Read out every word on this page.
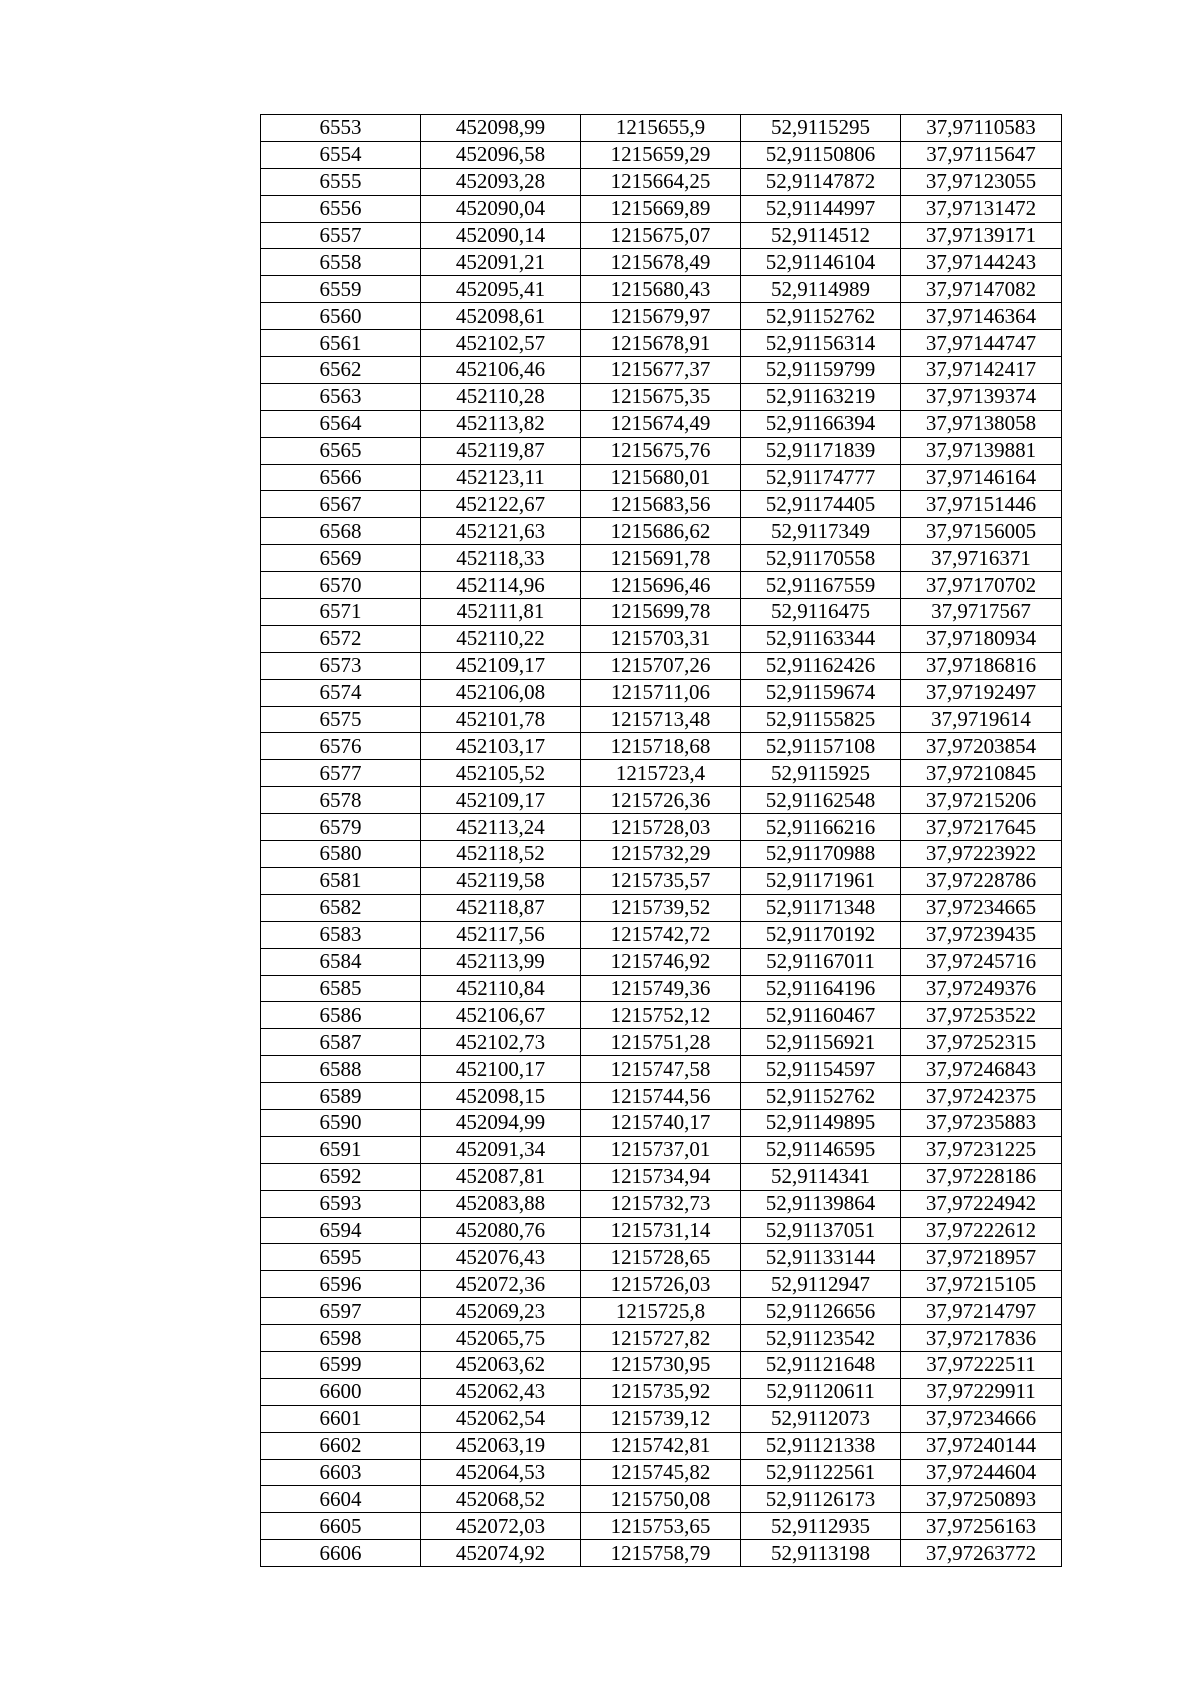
6553	452098,99	1215655,9	52,9115295	37,97110583
6554	452096,58	1215659,29	52,91150806	37,97115647
6555	452093,28	1215664,25	52,91147872	37,97123055
6556	452090,04	1215669,89	52,91144997	37,97131472
6557	452090,14	1215675,07	52,9114512	37,97139171
6558	452091,21	1215678,49	52,91146104	37,97144243
6559	452095,41	1215680,43	52,9114989	37,97147082
6560	452098,61	1215679,97	52,91152762	37,97146364
6561	452102,57	1215678,91	52,91156314	37,97144747
6562	452106,46	1215677,37	52,91159799	37,97142417
6563	452110,28	1215675,35	52,91163219	37,97139374
6564	452113,82	1215674,49	52,91166394	37,97138058
6565	452119,87	1215675,76	52,91171839	37,97139881
6566	452123,11	1215680,01	52,91174777	37,97146164
6567	452122,67	1215683,56	52,91174405	37,97151446
6568	452121,63	1215686,62	52,9117349	37,97156005
6569	452118,33	1215691,78	52,91170558	37,9716371
6570	452114,96	1215696,46	52,91167559	37,97170702
6571	452111,81	1215699,78	52,9116475	37,9717567
6572	452110,22	1215703,31	52,91163344	37,97180934
6573	452109,17	1215707,26	52,91162426	37,97186816
6574	452106,08	1215711,06	52,91159674	37,97192497
6575	452101,78	1215713,48	52,91155825	37,9719614
6576	452103,17	1215718,68	52,91157108	37,97203854
6577	452105,52	1215723,4	52,9115925	37,97210845
6578	452109,17	1215726,36	52,91162548	37,97215206
6579	452113,24	1215728,03	52,91166216	37,97217645
6580	452118,52	1215732,29	52,91170988	37,97223922
6581	452119,58	1215735,57	52,91171961	37,97228786
6582	452118,87	1215739,52	52,91171348	37,97234665
6583	452117,56	1215742,72	52,91170192	37,97239435
6584	452113,99	1215746,92	52,91167011	37,97245716
6585	452110,84	1215749,36	52,91164196	37,97249376
6586	452106,67	1215752,12	52,91160467	37,97253522
6587	452102,73	1215751,28	52,91156921	37,97252315
6588	452100,17	1215747,58	52,91154597	37,97246843
6589	452098,15	1215744,56	52,91152762	37,97242375
6590	452094,99	1215740,17	52,91149895	37,97235883
6591	452091,34	1215737,01	52,91146595	37,97231225
6592	452087,81	1215734,94	52,9114341	37,97228186
6593	452083,88	1215732,73	52,91139864	37,97224942
6594	452080,76	1215731,14	52,91137051	37,97222612
6595	452076,43	1215728,65	52,91133144	37,97218957
6596	452072,36	1215726,03	52,9112947	37,97215105
6597	452069,23	1215725,8	52,91126656	37,97214797
6598	452065,75	1215727,82	52,91123542	37,97217836
6599	452063,62	1215730,95	52,91121648	37,97222511
6600	452062,43	1215735,92	52,91120611	37,97229911
6601	452062,54	1215739,12	52,9112073	37,97234666
6602	452063,19	1215742,81	52,91121338	37,97240144
6603	452064,53	1215745,82	52,91122561	37,97244604
6604	452068,52	1215750,08	52,91126173	37,97250893
6605	452072,03	1215753,65	52,9112935	37,97256163
6606	452074,92	1215758,79	52,9113198	37,97263772
